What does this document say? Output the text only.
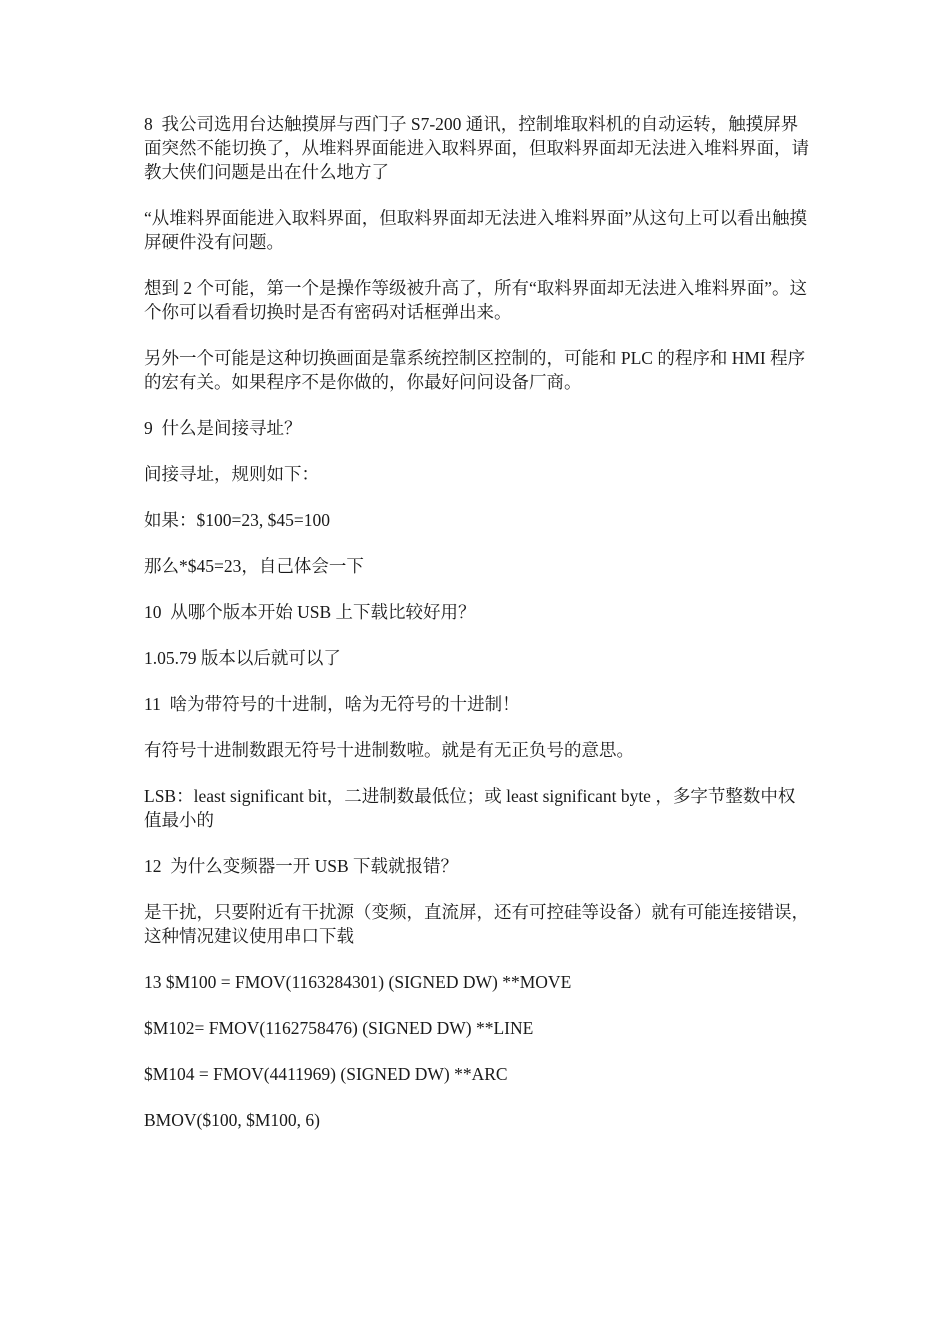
8  我公司选用台达触摸屏与西门子 S7-200 通讯，控制堆取料机的自动运转，触摸屏界面突然不能切换了，从堆料界面能进入取料界面，但取料界面却无法进入堆料界面，请教大侠们问题是出在什么地方了

“从堆料界面能进入取料界面，但取料界面却无法进入堆料界面”从这句上可以看出触摸屏硬件没有问题。

想到 2 个可能，第一个是操作等级被升高了，所有“取料界面却无法进入堆料界面”。这个你可以看看切换时是否有密码对话框弹出来。

另外一个可能是这种切换画面是靠系统控制区控制的，可能和 PLC 的程序和 HMI 程序的宏有关。如果程序不是你做的，你最好问问设备厂商。

9  什么是间接寻址？

间接寻址，规则如下：

如果：$100=23, $45=100

那么*$45=23，自己体会一下

10  从哪个版本开始 USB 上下载比较好用？

1.05.79 版本以后就可以了

11  啥为带符号的十进制，啥为无符号的十进制！

有符号十进制数跟无符号十进制数啦。就是有无正负号的意思。

LSB：least significant bit，二进制数最低位；或 least significant byte ，多字节整数中权值最小的

12  为什么变频器一开 USB 下载就报错？

是干扰，只要附近有干扰源（变频，直流屏，还有可控硅等设备）就有可能连接错误，这种情况建议使用串口下载

13 $M100 = FMOV(1163284301) (SIGNED DW) **MOVE

$M102= FMOV(1162758476) (SIGNED DW) **LINE

$M104 = FMOV(4411969) (SIGNED DW) **ARC

BMOV($100, $M100, 6)
